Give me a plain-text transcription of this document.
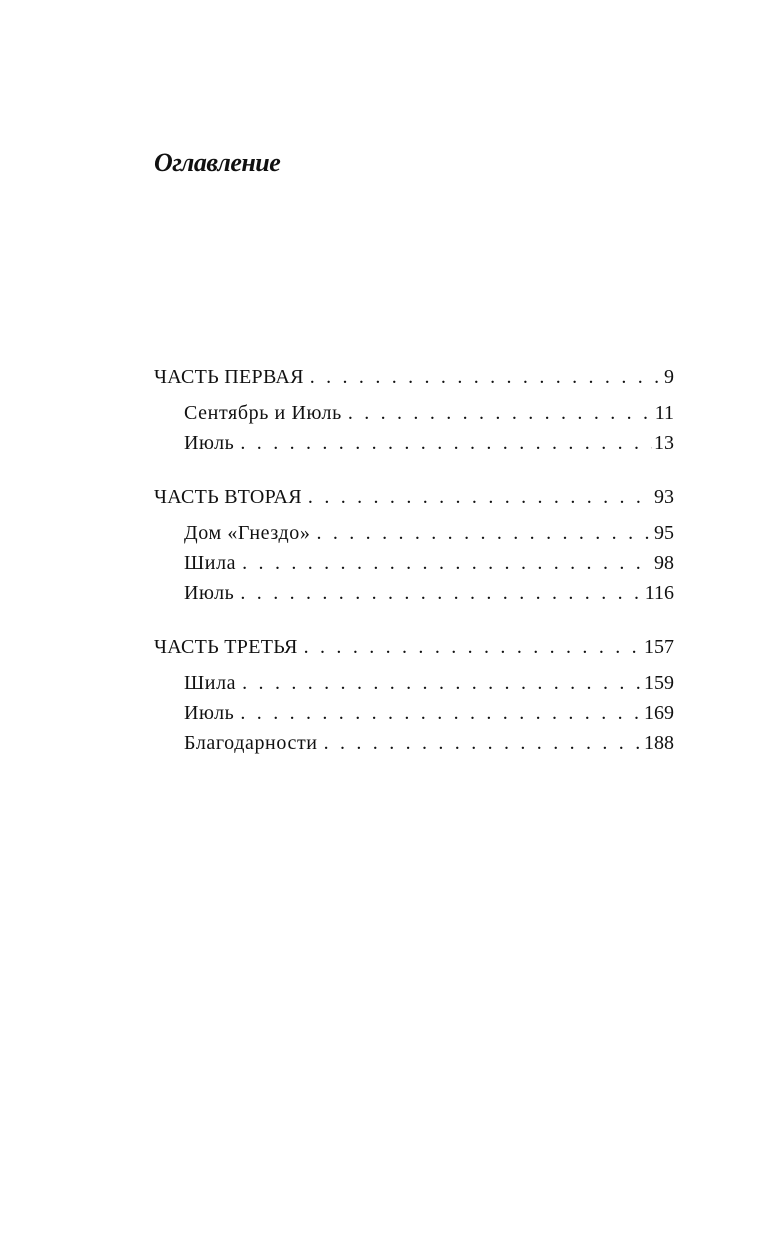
Оглавление
ЧАСТЬ ПЕРВАЯ . . .	9
Сентябрь и Июль . . .	11
Июль . . .	13
ЧАСТЬ ВТОРАЯ . . .	93
Дом «Гнездо» . . .	95
Шила . . .	98
Июль . . .	116
ЧАСТЬ ТРЕТЬЯ . . .	157
Шила . . .	159
Июль . . .	169
Благодарности . . .	188
